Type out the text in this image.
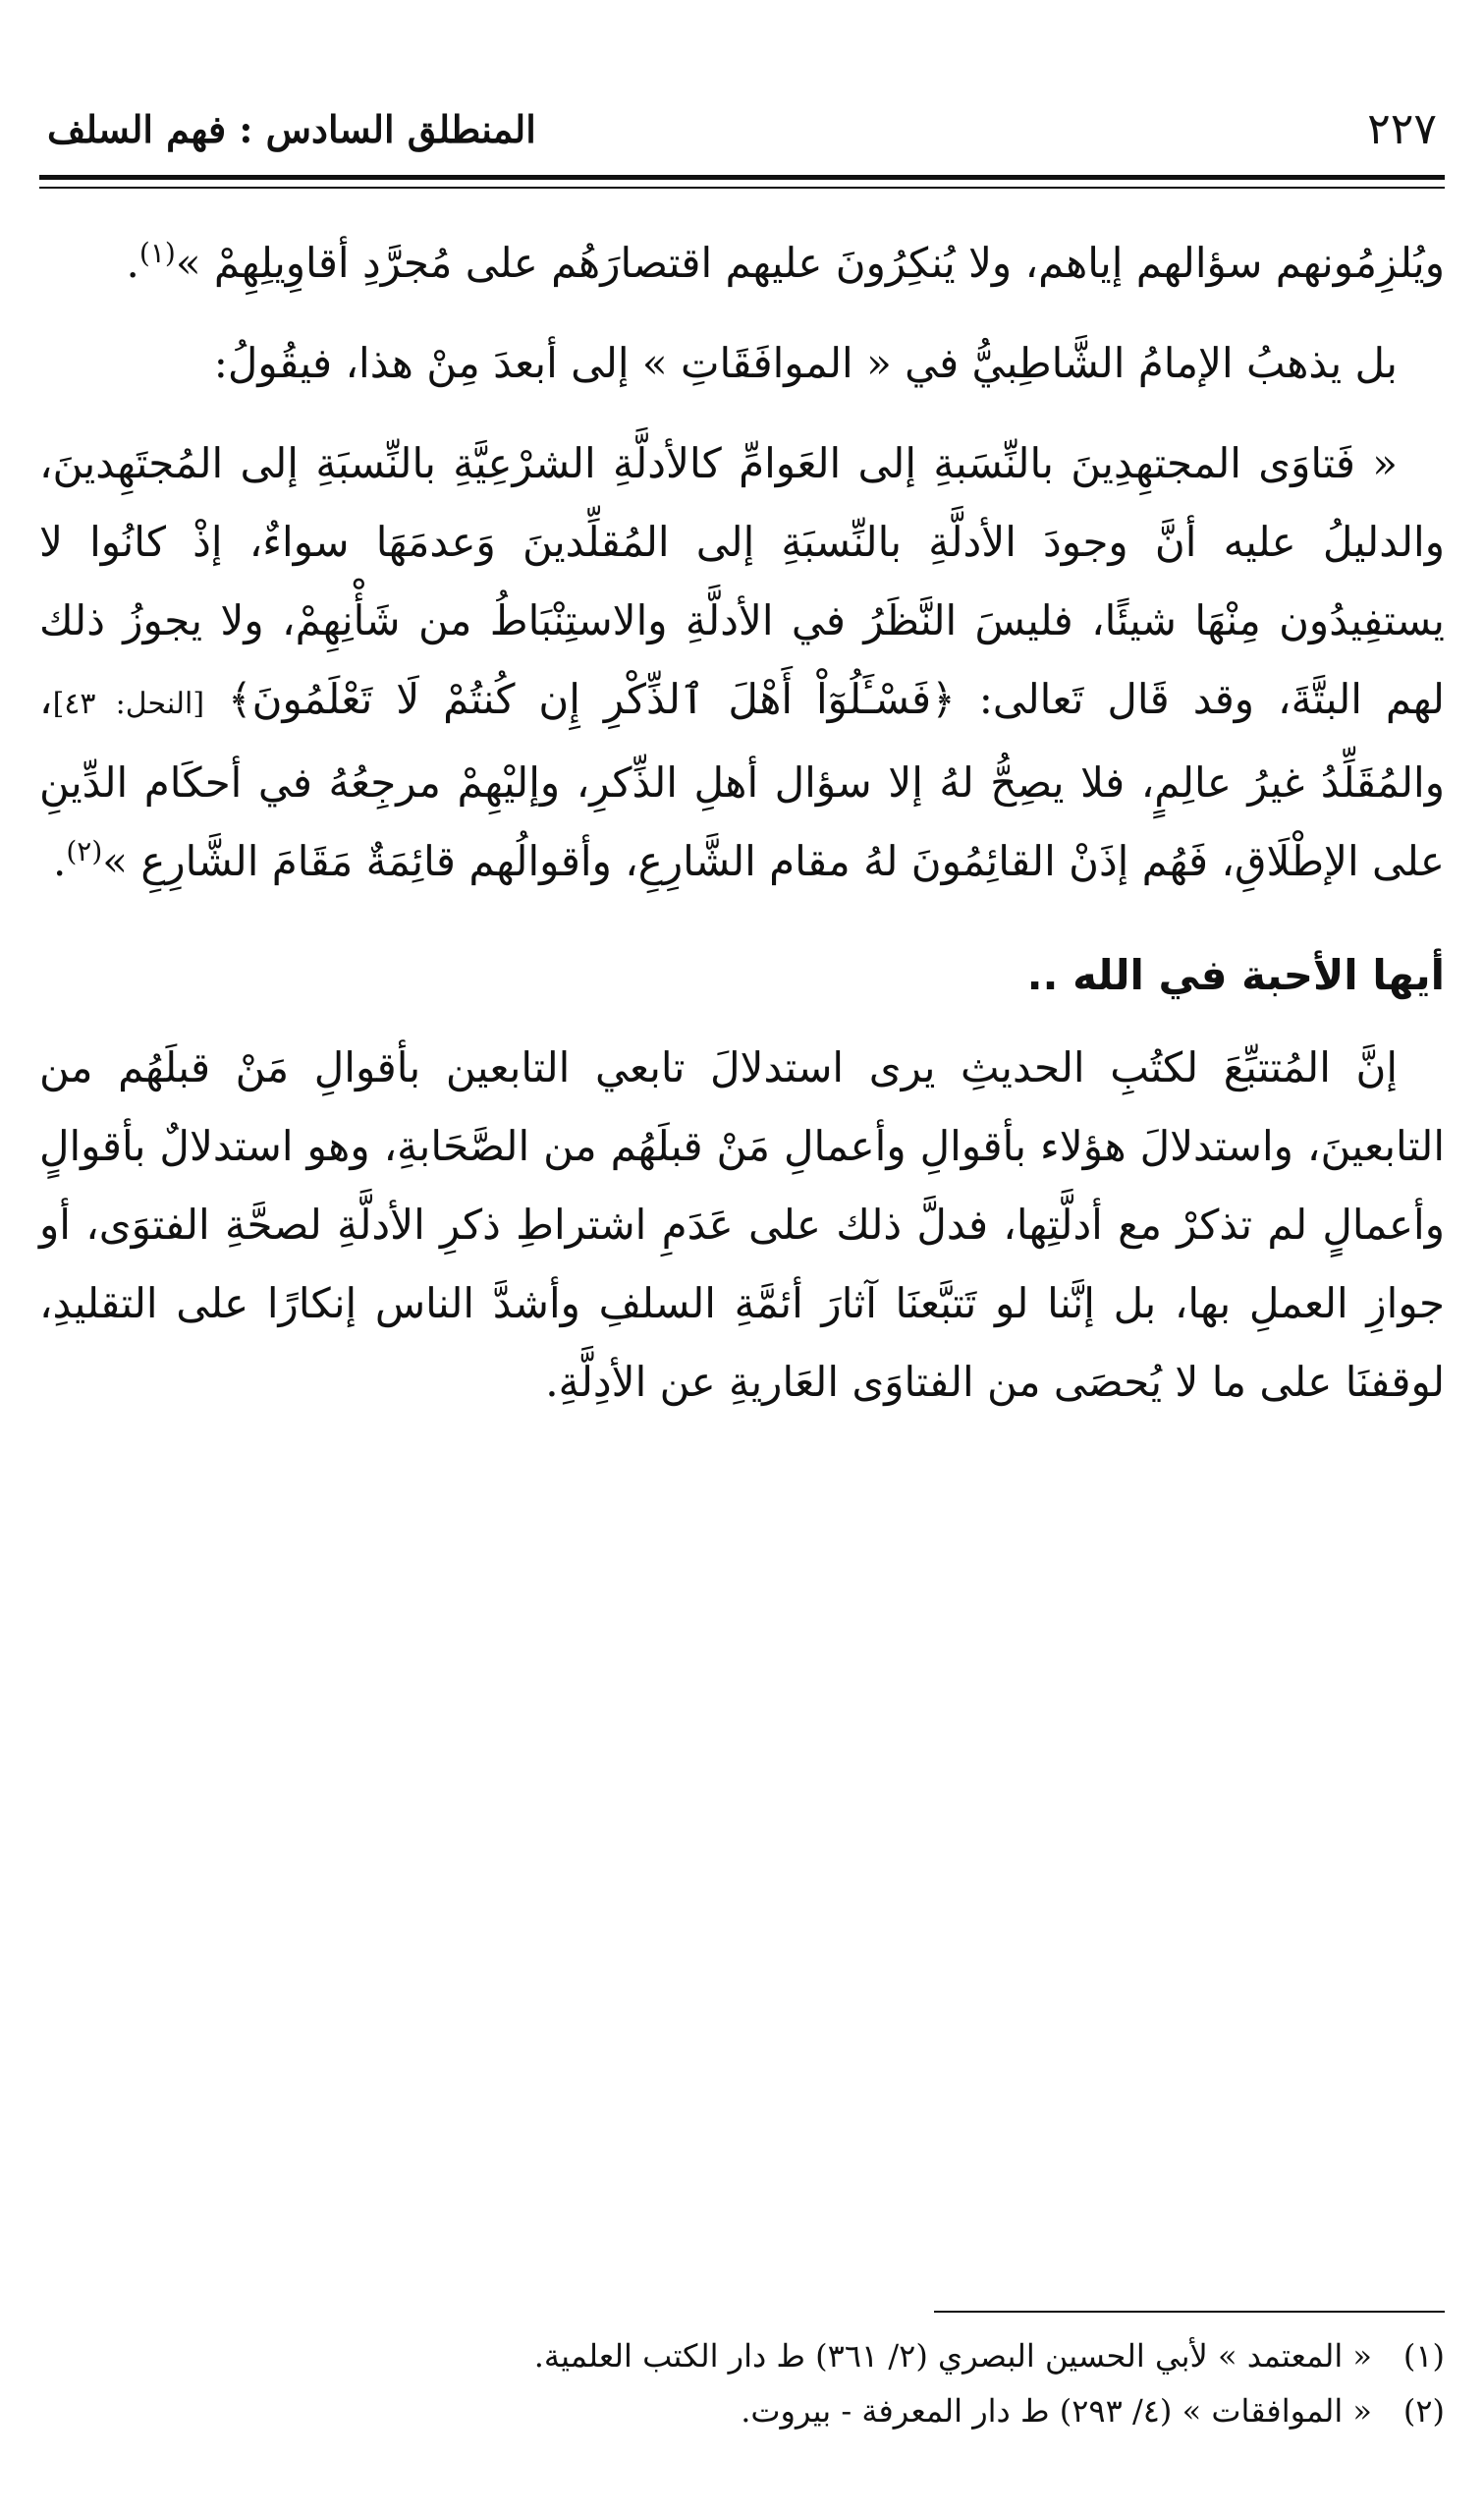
المنطلق السادس : فهم السلف	٢٢٧

ويُلزِمُونهم سؤالهم إياهم، ولا يُنكِرُونَ عليهم اقتصارَهُم على مُجرَّدِ أقاوِيلِهِمْ »$^{(١)}$.

بل يذهبُ الإمامُ الشَّاطِبيُّ في « الموافَقَاتِ » إلى أبعدَ مِنْ هذا، فيقُولُ:

« فَتاوَى المجتهِدِينَ بالنِّسَبةِ إلى العَوامِّ كالأدلَّةِ الشرْعِيَّةِ بالنِّسبَةِ إلى المُجتَهِدينَ، والدليلُ عليه أنَّ وجودَ الأدلَّةِ بالنِّسبَةِ إلى المُقلِّدينَ وَعدمَهَا سواءٌ، إذْ كانُوا لا يستفِيدُون مِنْهَا شيئًا، فليسَ النَّظَرُ في الأدلَّةِ والاستِنْبَاطُ من شَأْنِهِمْ، ولا يجوزُ ذلك لهم البتَّةَ، وقد قَال تَعالى: ﴿فَسْـَٔلُوٓاْ أَهْلَ ٱلذِّكْرِ إِن كُنتُمْ لَا تَعْلَمُونَ﴾ [النحل: ٤٣]، والمُقَلِّدُ غيرُ عالِمٍ، فلا يصِحُّ لهُ إلا سؤال أهلِ الذِّكرِ، وإليْهِمْ مرجِعُهُ في أحكَام الدِّينِ على الإطْلَاقِ، فَهُم إذَنْ القائِمُونَ لهُ مقام الشَّارِعِ، وأقوالُهم قائِمَةٌ مَقَامَ الشَّارِعِ »$^{(٢)}$.

أيها الأحبة في الله ..

إنَّ المُتتبِّعَ لكتُبِ الحديثِ يرى استدلالَ تابعي التابعين بأقوالِ مَنْ قبلَهُم من التابعينَ، واستدلالَ هؤلاء بأقوالِ وأعمالِ مَنْ قبلَهُم من الصَّحَابةِ، وهو استدلالٌ بأقوالٍ وأعمالٍ لم تذكرْ مع أدلَّتِها، فدلَّ ذلك على عَدَمِ اشتراطِ ذكرِ الأدلَّةِ لصحَّةِ الفتوَى، أو جوازِ العملِ بها، بل إنَّنا لو تَتبَّعنَا آثارَ أئمَّةِ السلفِ وأشدَّ الناس إنكارًا على التقليدِ، لوقفنَا على ما لا يُحصَى من الفتاوَى العَاريةِ عن الأدِلَّةِ.

(١)
« المعتمد » لأبي الحسين البصري (٢/ ٣٦١) ط دار الكتب العلمية.
(٢)
« الموافقات » (٤/ ٢٩٣) ط دار المعرفة - بيروت.
